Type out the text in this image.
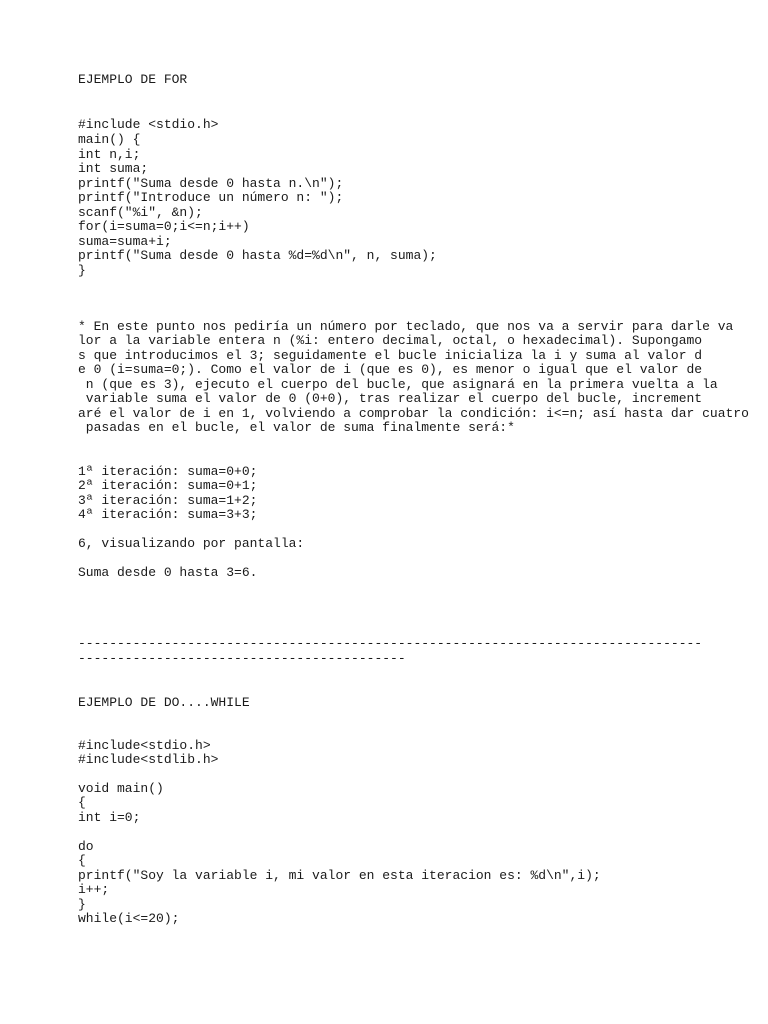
EJEMPLO DE FOR

#include <stdio.h>

main() {

int n,i;

int suma;

printf("Suma desde 0 hasta n.\n");

printf("Introduce un número n: ");

scanf("%i", &n);

for(i=suma=0;i<=n;i++)

suma=suma+i;

printf("Suma desde 0 hasta %d=%d\n", n, suma);

}

* En este punto nos pediría un número por teclado, que nos va a servir para darle va

lor a la variable entera n (%i: entero decimal, octal, o hexadecimal). Supongamo

s que introducimos el 3; seguidamente el bucle inicializa la i y suma al valor d

e 0 (i=suma=0;). Como el valor de i (que es 0), es menor o igual que el valor de

n (que es 3), ejecuto el cuerpo del bucle, que asignará en la primera vuelta a la

variable suma el valor de 0 (0+0), tras realizar el cuerpo del bucle, increment

aré el valor de i en 1, volviendo a comprobar la condición: i<=n; así hasta dar cuatro

pasadas en el bucle, el valor de suma finalmente será:*

1ª iteración: suma=0+0;

2ª iteración: suma=0+1;

3ª iteración: suma=1+2;

4ª iteración: suma=3+3;

6, visualizando por pantalla:

Suma desde 0 hasta 3=6.

--------------------------------------------------------------------------------

------------------------------------------

EJEMPLO DE DO....WHILE

#include<stdio.h>

#include<stdlib.h>

void main()

{

int i=0;

do

{

printf("Soy la variable i, mi valor en esta iteracion es: %d\n",i);

i++;

}

while(i<=20);
